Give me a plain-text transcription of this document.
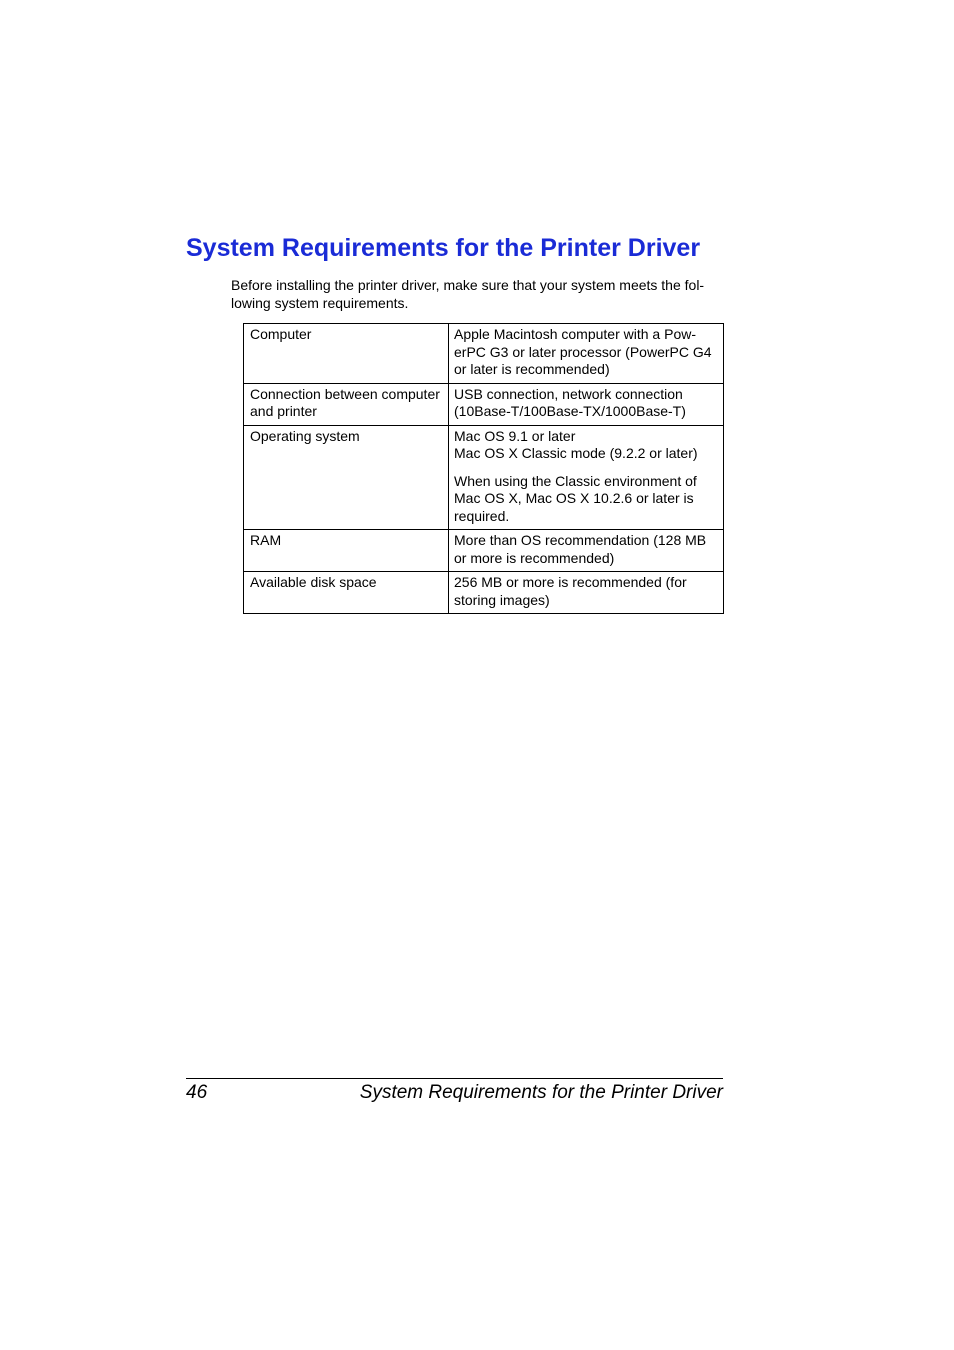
System Requirements for the Printer Driver

Before installing the printer driver, make sure that your system meets the fol-
lowing system requirements.

Computer	Apple Macintosh computer with a Pow-
erPC G3 or later processor (PowerPC G4
or later is recommended)

Connection between computer
and printer	USB connection, network connection
(10Base-T/100Base-TX/1000Base-T)

Operating system	Mac OS 9.1 or later
Mac OS X Classic mode (9.2.2 or later)
When using the Classic environment of
Mac OS X, Mac OS X 10.2.6 or later is
required.

RAM	More than OS recommendation (128 MB
or more is recommended)

Available disk space	256 MB or more is recommended (for
storing images)
46	System Requirements for the Printer Driver
